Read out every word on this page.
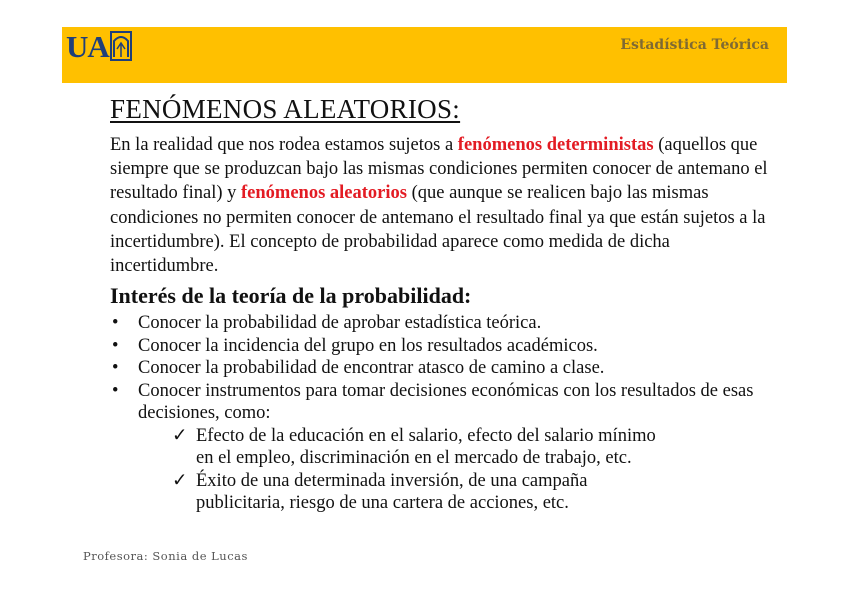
UA	Estadística Teórica
FENÓMENOS ALEATORIOS:

En la realidad que nos rodea estamos sujetos a fenómenos deterministas (aquellos que siempre que se produzcan bajo las mismas condiciones permiten conocer de antemano el resultado final) y fenómenos aleatorios (que aunque se realicen bajo las mismas condiciones no permiten conocer de antemano el resultado final ya que están sujetos a la incertidumbre). El concepto de probabilidad aparece como medida de dicha incertidumbre.

Interés de la teoría de la probabilidad:
• Conocer la probabilidad de aprobar estadística teórica.
• Conocer la incidencia del grupo en los resultados académicos.
• Conocer la probabilidad de encontrar atasco de camino a clase.
• Conocer instrumentos para tomar decisiones económicas con los resultados de esas decisiones, como:
✓ Efecto de la educación en el salario, efecto del salario mínimo en el empleo, discriminación en el mercado de trabajo, etc.
✓ Éxito de una determinada inversión, de una campaña publicitaria, riesgo de una cartera de acciones, etc.
Profesora: Sonia de Lucas
